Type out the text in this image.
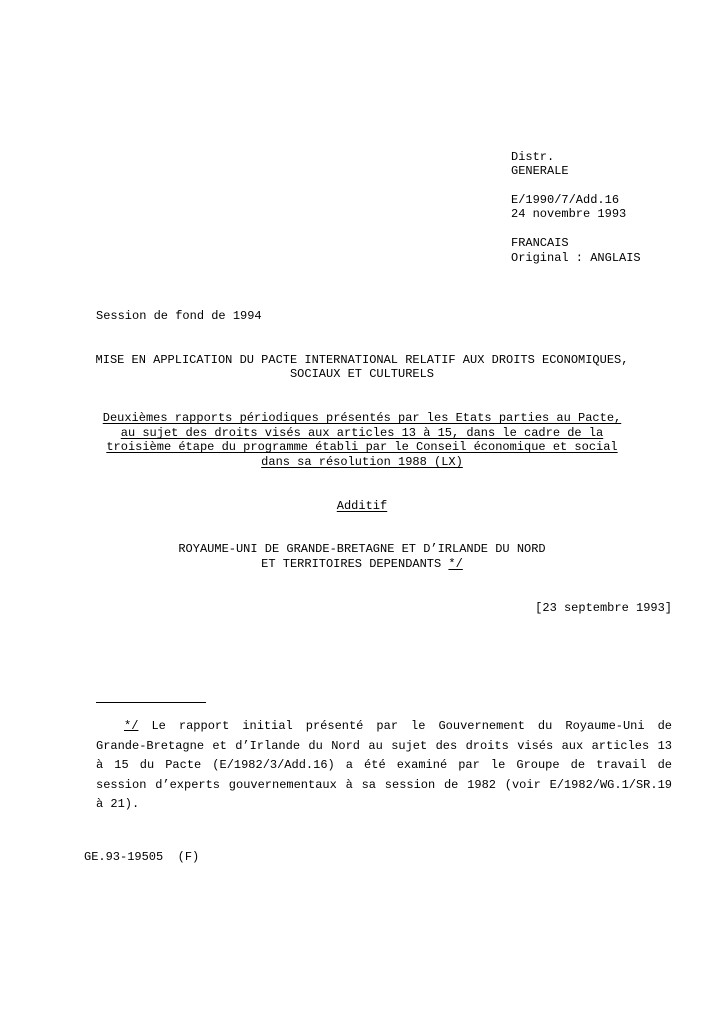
Distr.
GENERALE
E/1990/7/Add.16
24 novembre 1993
FRANCAIS
Original : ANGLAIS
Session de fond de 1994
MISE EN APPLICATION DU PACTE INTERNATIONAL RELATIF AUX DROITS ECONOMIQUES,
SOCIAUX ET CULTURELS
Deuxièmes rapports périodiques présentés par les Etats parties au Pacte,
au sujet des droits visés aux articles 13 à 15, dans le cadre de la
troisième étape du programme établi par le Conseil économique et social
dans sa résolution 1988 (LX)
Additif
ROYAUME-UNI DE GRANDE-BRETAGNE ET D’IRLANDE DU NORD
ET TERRITOIRES DEPENDANTS */
[23 septembre 1993]
*/ Le rapport initial présenté par le Gouvernement du Royaume-Uni de
Grande-Bretagne et d’Irlande du Nord au sujet des droits visés aux articles 13
à 15 du Pacte (E/1982/3/Add.16) a été examiné par le Groupe de travail de
session d’experts gouvernementaux à sa session de 1982 (voir E/1982/WG.1/SR.19
à 21).
GE.93-19505  (F)
